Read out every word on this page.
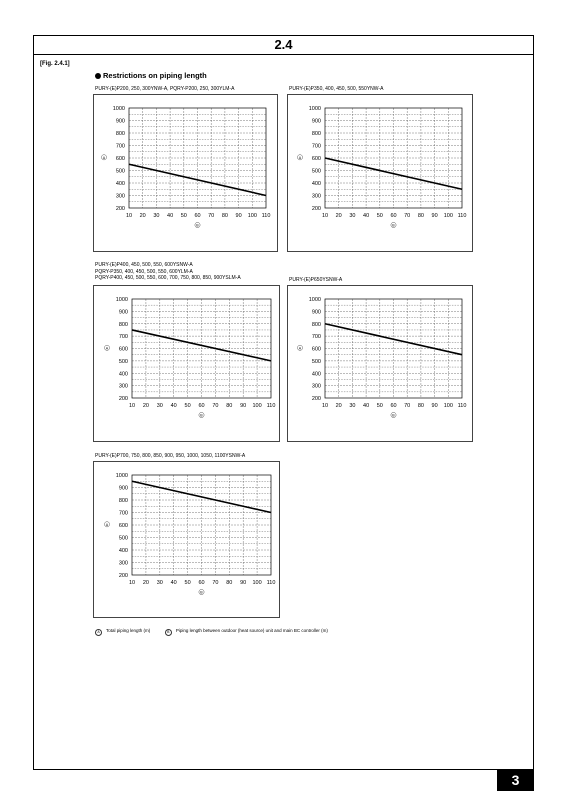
2.4
[Fig. 2.4.1]
Restrictions on piping length
PURY-(E)P200, 250, 300YNW-A, PQRY-P200, 250, 300YLM-A
200
300
400
500
600
700
800
900
1000
10 20 30 40 50 60 70 80 90 100 110
A
B
PURY-(E)P350, 400, 450, 500, 550YNW-A
200
300
400
500
600
700
800
900
1000
10 20 30 40 50 60 70 80 90 100 110
A
B
PURY-(E)P400, 450, 500, 550, 600YSNW-A
PQRY-P350, 400, 450, 500, 550, 600YLM-A
PQRY-P400, 450, 500, 550, 600, 700, 750, 800, 850, 900YSLM-A
200
300
400
500
600
700
800
900
1000
10 20 30 40 50 60 70 80 90 100 110
A
B
PURY-(E)P650YSNW-A
200
300
400
500
600
700
800
900
1000
10 20 30 40 50 60 70 80 90 100 110
A
B
PURY-(E)P700, 750, 800, 850, 900, 950, 1000, 1050, 1100YSNW-A
200
300
400
500
600
700
800
900
1000
10 20 30 40 50 60 70 80 90 100 110
A
B
A Total piping length (m)	B Piping length between outdoor (heat source) unit and main BC controller (m)
3
